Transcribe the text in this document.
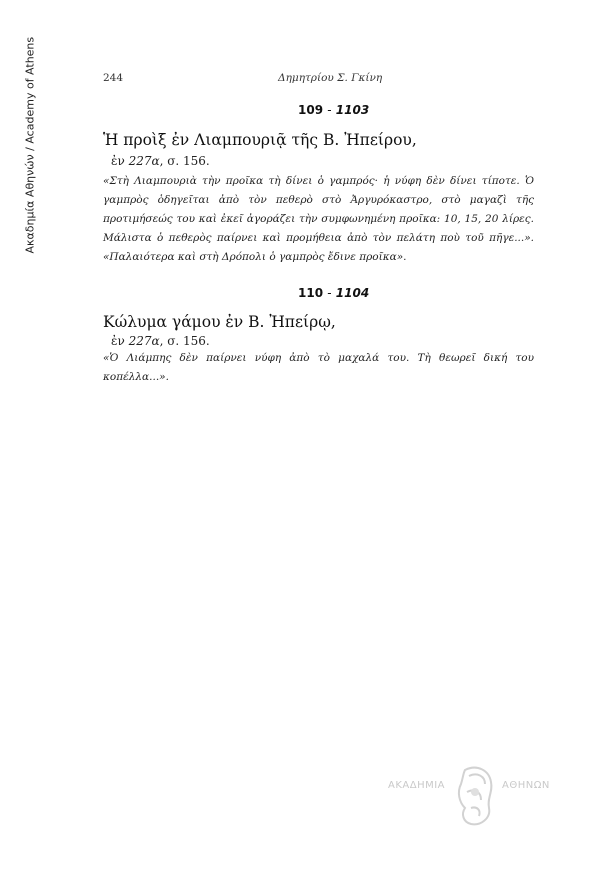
Ακαδημία Αθηνών / Academy of Athens	244	Δημητρίου Σ. Γκίνη
109 - 1103
Ἡ προὶξ ἐν Λιαμπουριᾷ τῆς Β. Ἠπείρου,
ἐν 227α, σ. 156.
«Στὴ Λιαμπουριὰ τὴν προῖκα τὴ δίνει ὁ γαμπρός· ἡ νύφη δὲν δίνει τίποτε. Ὁ γαμπρὸς ὁδηγεῖται ἀπὸ τὸν πεθερὸ στὸ Ἀργυρόκαστρο, στὸ μαγαζὶ τῆς προτιμήσεώς του καὶ ἐκεῖ ἀγοράζει τὴν συμφωνημένη προῖκα: 10, 15, 20 λίρες. Μάλιστα ὁ πεθερὸς παίρνει καὶ προμήθεια ἀπὸ τὸν πελάτη ποὺ τοῦ πῆγε...». «Παλαιότερα καὶ στὴ Δρόπολι ὁ γαμπρὸς ἔδινε προῖκα».
110 - 1104
Κώλυμα γάμου ἐν Β. Ἠπείρῳ,
ἐν 227α, σ. 156.
«Ὁ Λιάμπης δὲν παίρνει νύφη ἀπὸ τὸ μαχαλά του. Τὴ θεωρεῖ δική του κοπέλλα...».
ΑΚΑΔΗΜΙΑ	ΑΘΗΝΩΝ
